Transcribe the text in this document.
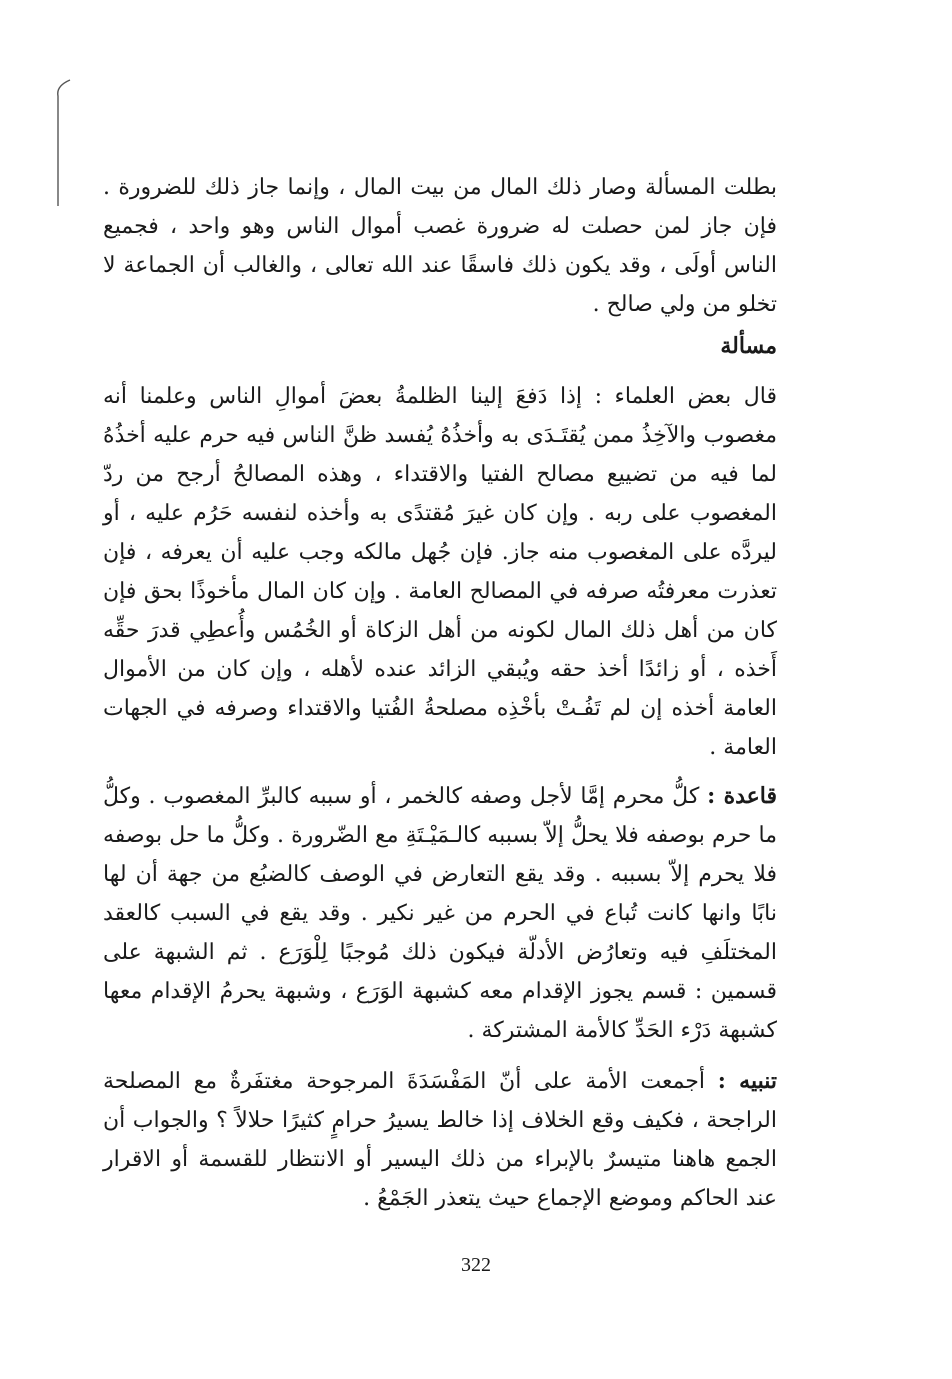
بطلت المسألة وصار ذلك المال من بيت المال ، وإنما جاز ذلك للضرورة . فإن جاز لمن حصلت له ضرورة غصب أموال الناس وهو واحد ، فجميع الناس أولَى ، وقد يكون ذلك فاسقًا عند الله تعالى ، والغالب أن الجماعة لا تخلو من ولي صالح .

مسألة

قال بعض العلماء : إذا دَفعَ إلينا الظلمةُ بعضَ أموالِ الناس وعلمنا أنه مغصوب والآخِذُ ممن يُقتَـدَى به وأخذُهُ يُفسد ظنَّ الناس فيه حرم عليه أخذُهُ لما فيه من تضييع مصالح الفتيا والاقتداء ، وهذه المصالحُ أرجح من ردّ المغصوب على ربه . وإن كان غيرَ مُقتدًى به وأخذه لنفسه حَرُم عليه ، أو ليردَّه على المغصوب منه جاز. فإن جُهل مالكه وجب عليه أن يعرفه ، فإن تعذرت معرفتُه صرفه في المصالح العامة . وإن كان المال مأخوذًا بحق فإن كان من أهل ذلك المال لكونه من أهل الزكاة أو الخُمُس وأُعطِي قدرَ حقِّه أَخذه ، أو زائدًا أخذ حقه ويُبقي الزائد عنده لأهله ، وإن كان من الأموال العامة أخذه إن لم تَفُـتْ بأخْذِه مصلحةُ الفُتيا والاقتداء وصرفه في الجهات العامة .

قاعدة : كلُّ محرم إمَّا لأجل وصفه كالخمر ، أو سببه كالبرِّ المغصوب . وكلُّ ما حرم بوصفه فلا يحلُّ إلاّ بسببه كالـمَيْـتَةِ مع الضّرورة . وكلُّ ما حل بوصفه فلا يحرم إلاّ بسببه . وقد يقع التعارض في الوصف كالضبُع من جهة أن لها نابًا وانها كانت تُباع في الحرم من غير نكير . وقد يقع في السبب كالعقد المختلَفِ فيه وتعارُض الأدلّة فيكون ذلك مُوجبًا لِلْوَرَع . ثم الشبهة على قسمين : قسم يجوز الإقدام معه كشبهة الوَرَع ، وشبهة يحرمُ الإقدام معها كشبهة دَرْء الحَدِّ كالأمة المشتركة .

تنبيه : أجمعت الأمة على أنّ المَفْسَدَةَ المرجوحة مغتفَرةٌ مع المصلحة الراجحة ، فكيف وقع الخلاف إذا خالط يسيرُ حرامٍ كثيرًا حلالاً ؟ والجواب أن الجمع هاهنا متيسرٌ بالإبراء من ذلك اليسير أو الانتظار للقسمة أو الاقرار عند الحاكم وموضع الإجماع حيث يتعذر الجَمْعُ .

322
